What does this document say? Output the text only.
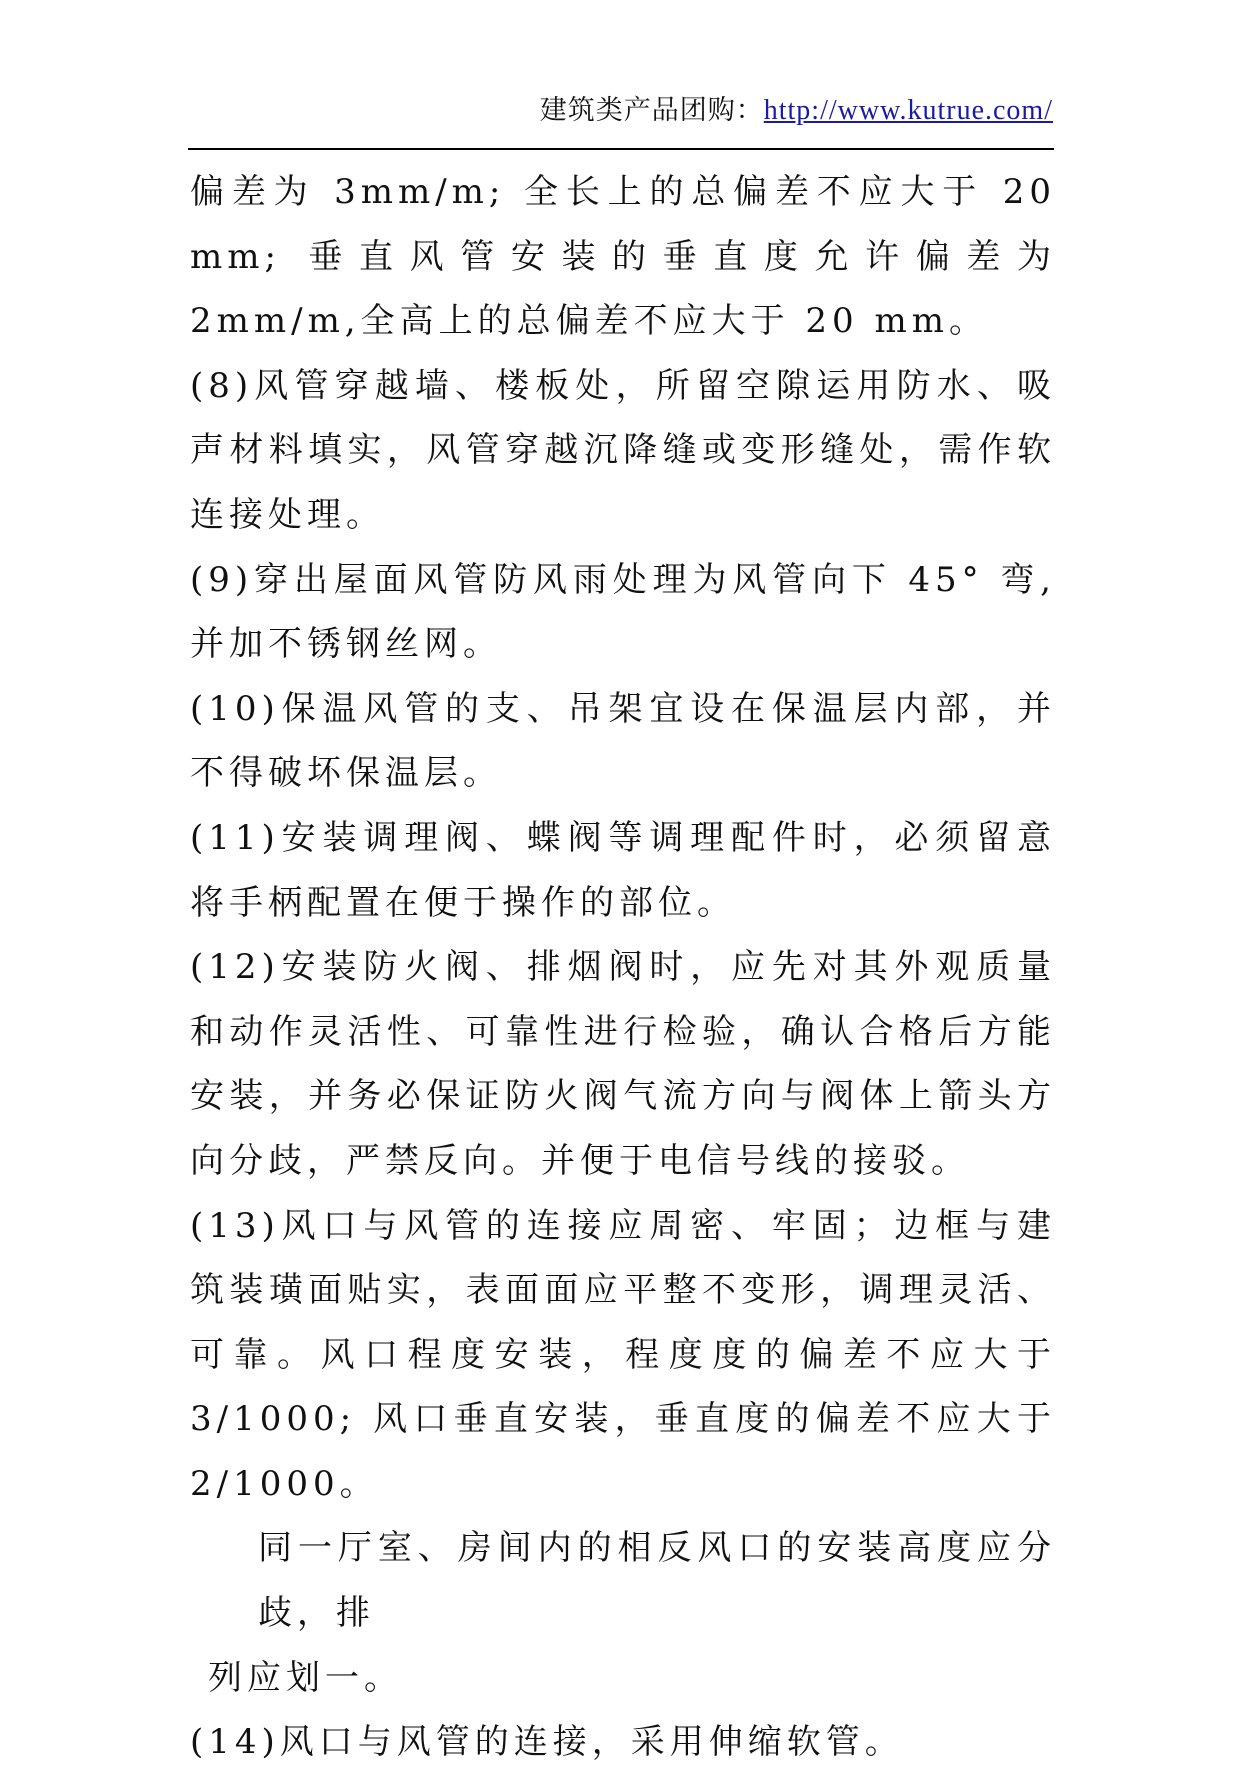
建筑类产品团购：http://www.kutrue.com/

偏差为 3mm/m; 全长上的总偏差不应大于 20 mm; 垂直风管安装的垂直度允许偏差为 2mm/m,全高上的总偏差不应大于 20 mm。

(8)风管穿越墙、楼板处，所留空隙运用防水、吸声材料填实，风管穿越沉降缝或变形缝处，需作软连接处理。

(9)穿出屋面风管防风雨处理为风管向下 45° 弯,并加不锈钢丝网。

(10)保温风管的支、吊架宜设在保温层内部，并不得破坏保温层。

(11)安装调理阀、蝶阀等调理配件时，必须留意将手柄配置在便于操作的部位。

(12)安装防火阀、排烟阀时，应先对其外观质量和动作灵活性、可靠性进行检验，确认合格后方能安装，并务必保证防火阀气流方向与阀体上箭头方向分歧，严禁反向。并便于电信号线的接驳。

(13)风口与风管的连接应周密、牢固；边框与建筑装璜面贴实，表面面应平整不变形，调理灵活、可靠。风口程度安装，程度度的偏差不应大于 3/1000; 风口垂直安装，垂直度的偏差不应大于 2/1000。

同一厅室、房间内的相反风口的安装高度应分歧，排
列应划一。

(14)风口与风管的连接，采用伸缩软管。
